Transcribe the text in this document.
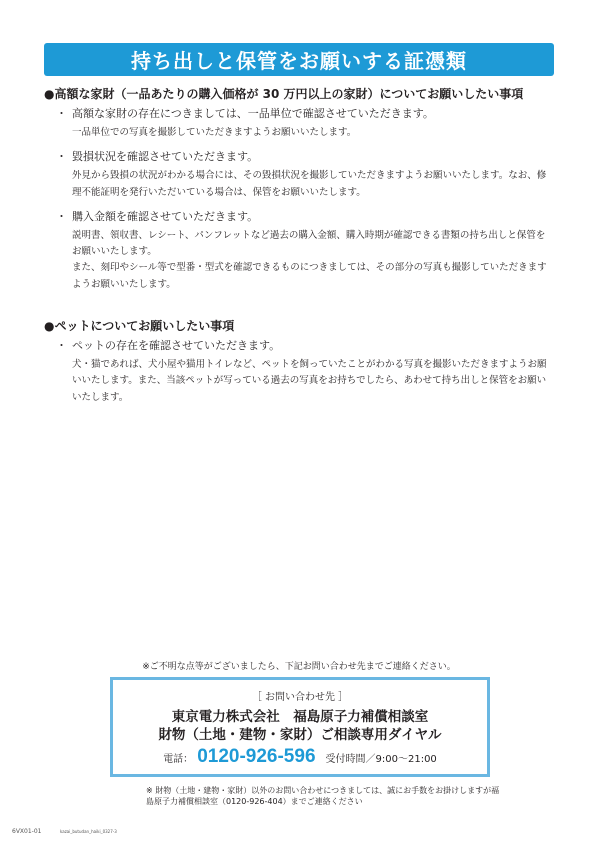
持ち出しと保管をお願いする証憑類
●高額な家財（一品あたりの購入価格が 30 万円以上の家財）についてお願いしたい事項
・ 高額な家財の存在につきましては、一品単位で確認させていただきます。

一品単位での写真を撮影していただきますようお願いいたします。

・ 毀損状況を確認させていただきます。

外見から毀損の状況がわかる場合には、その毀損状況を撮影していただきますようお願いいたします。なお、修理不能証明を発行いただいている場合は、保管をお願いいたします。

・ 購入金額を確認させていただきます。

説明書、領収書、レシート、パンフレットなど過去の購入金額、購入時期が確認できる書類の持ち出しと保管をお願いいたします。

また、刻印やシール等で型番・型式を確認できるものにつきましては、その部分の写真も撮影していただきますようお願いいたします。

●ペットについてお願いしたい事項
・ ペットの存在を確認させていただきます。

犬・猫であれば、犬小屋や猫用トイレなど、ペットを飼っていたことがわかる写真を撮影いただきますようお願いいたします。また、当該ペットが写っている過去の写真をお持ちでしたら、あわせて持ち出しと保管をお願いいたします。

※ご不明な点等がございましたら、下記お問い合わせ先までご連絡ください。
［ お問い合わせ先 ］
東京電力株式会社　福島原子力補償相談室
財物（土地・建物・家財）ご相談専用ダイヤル
電話： 0120-926-596 受付時間／9:00～21:00

※ 財物（土地・建物・家財）以外のお問い合わせにつきましては、誠にお手数をお掛けしますが福島原子力補償相談室（0120-926-404）までご連絡ください

6VX01-01	kazai_butudan_haiki_0327-3
